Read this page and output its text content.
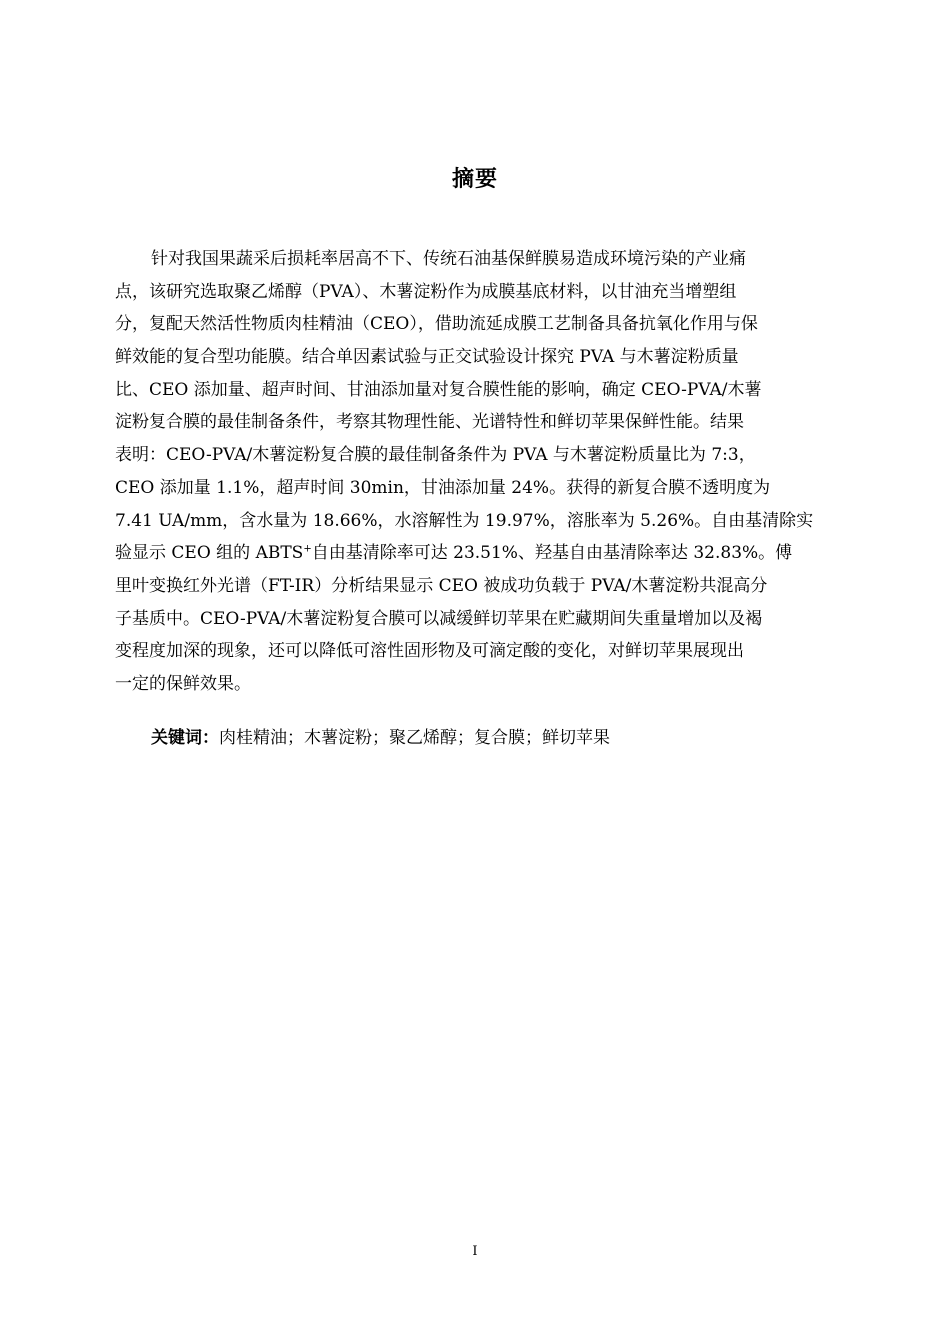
摘要
针对我国果蔬采后损耗率居高不下、传统石油基保鲜膜易造成环境污染的产业痛
点，该研究选取聚乙烯醇（PVA）、木薯淀粉作为成膜基底材料，以甘油充当增塑组
分，复配天然活性物质肉桂精油（CEO），借助流延成膜工艺制备具备抗氧化作用与保
鲜效能的复合型功能膜。结合单因素试验与正交试验设计探究 PVA 与木薯淀粉质量
比、CEO 添加量、超声时间、甘油添加量对复合膜性能的影响，确定 CEO-PVA/木薯
淀粉复合膜的最佳制备条件，考察其物理性能、光谱特性和鲜切苹果保鲜性能。结果
表明：CEO-PVA/木薯淀粉复合膜的最佳制备条件为 PVA 与木薯淀粉质量比为 7:3，
CEO 添加量 1.1%，超声时间 30min，甘油添加量 24%。获得的新复合膜不透明度为
7.41 UA/mm，含水量为 18.66%，水溶解性为 19.97%，溶胀率为 5.26%。自由基清除实
验显示 CEO 组的 ABTS+自由基清除率可达 23.51%、羟基自由基清除率达 32.83%。傅
里叶变换红外光谱（FT-IR）分析结果显示 CEO 被成功负载于 PVA/木薯淀粉共混高分
子基质中。CEO-PVA/木薯淀粉复合膜可以减缓鲜切苹果在贮藏期间失重量增加以及褐
变程度加深的现象，还可以降低可溶性固形物及可滴定酸的变化，对鲜切苹果展现出
一定的保鲜效果。
关键词：肉桂精油；木薯淀粉；聚乙烯醇；复合膜；鲜切苹果
I
